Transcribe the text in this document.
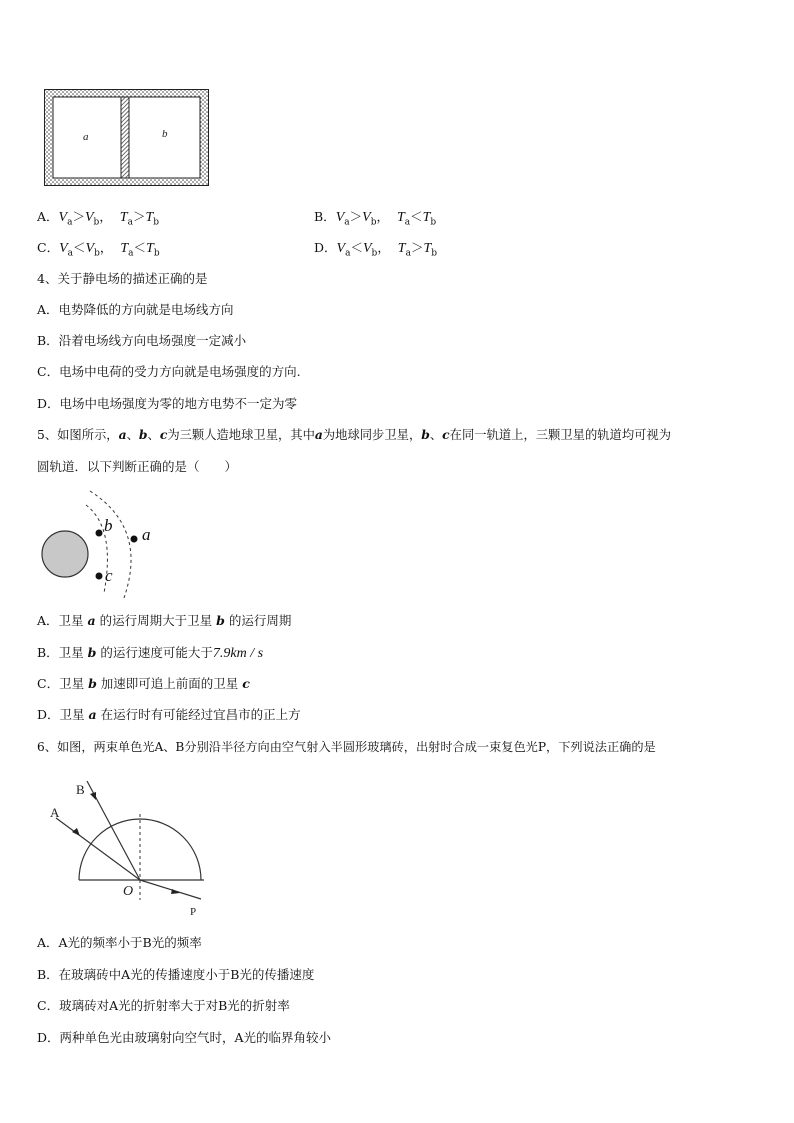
a	b
A．$V_a>V_b$， $T_a>T_b$	B．$V_a>V_b$， $T_a<T_b$
C．$V_a<V_b$， $T_a<T_b$	D．$V_a<V_b$， $T_a>T_b$
4、关于静电场的描述正确的是
A．电势降低的方向就是电场线方向
B．沿着电场线方向电场强度一定减小
C．电场中电荷的受力方向就是电场强度的方向.
D．电场中电场强度为零的地方电势不一定为零
5、如图所示，a、b、c为三颗人造地球卫星，其中a为地球同步卫星，b、c在同一轨道上，三颗卫星的轨道均可视为
圆轨道．以下判断正确的是（　　）
b
c
a
A．卫星 a 的运行周期大于卫星 b 的运行周期
B．卫星 b 的运行速度可能大于7.9km / s
C．卫星 b 加速即可追上前面的卫星 c
D．卫星 a 在运行时有可能经过宜昌市的正上方
6、如图，两束单色光A、B分别沿半径方向由空气射入半圆形玻璃砖，出射时合成一束复色光P，下列说法正确的是
A
B
O
P
A．A光的频率小于B光的频率
B．在玻璃砖中A光的传播速度小于B光的传播速度
C．玻璃砖对A光的折射率大于对B光的折射率
D．两种单色光由玻璃射向空气时，A光的临界角较小
